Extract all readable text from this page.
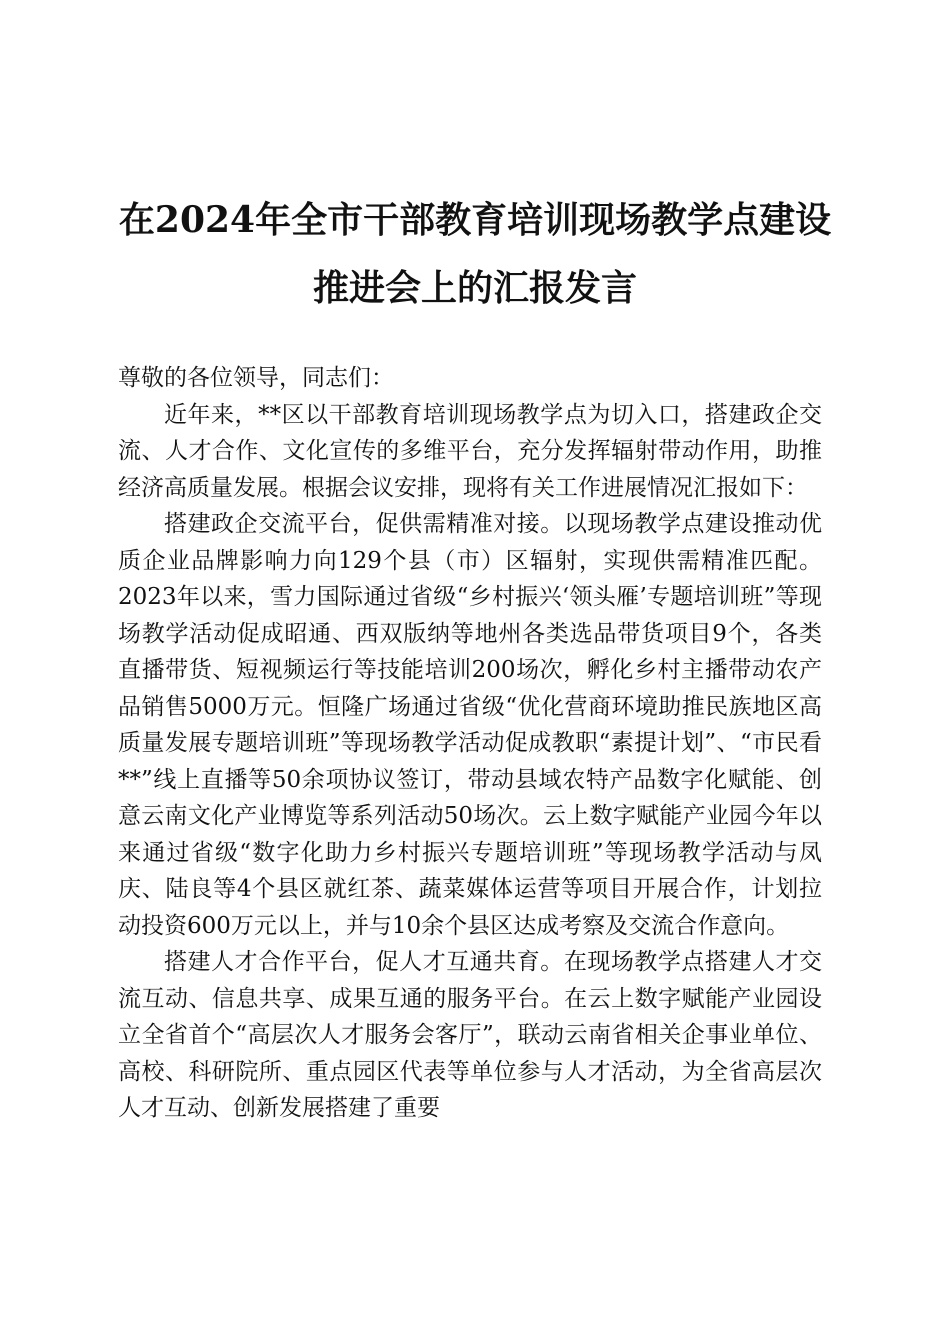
在2024年全市干部教育培训现场教学点建设
推进会上的汇报发言

尊敬的各位领导，同志们：

近年来，**区以干部教育培训现场教学点为切入口，搭建政企交流、人才合作、文化宣传的多维平台，充分发挥辐射带动作用，助推经济高质量发展。根据会议安排，现将有关工作进展情况汇报如下：

搭建政企交流平台，促供需精准对接。以现场教学点建设推动优质企业品牌影响力向129个县（市）区辐射，实现供需精准匹配。2023年以来，雪力国际通过省级“乡村振兴‘领头雁’专题培训班”等现场教学活动促成昭通、西双版纳等地州各类选品带货项目9个，各类直播带货、短视频运行等技能培训200场次，孵化乡村主播带动农产品销售5000万元。恒隆广场通过省级“优化营商环境助推民族地区高质量发展专题培训班”等现场教学活动促成教职“素提计划”、“市民看**”线上直播等50余项协议签订，带动县域农特产品数字化赋能、创意云南文化产业博览等系列活动50场次。云上数字赋能产业园今年以来通过省级“数字化助力乡村振兴专题培训班”等现场教学活动与凤庆、陆良等4个县区就红茶、蔬菜媒体运营等项目开展合作，计划拉动投资600万元以上，并与10余个县区达成考察及交流合作意向。

搭建人才合作平台，促人才互通共育。在现场教学点搭建人才交流互动、信息共享、成果互通的服务平台。在云上数字赋能产业园设立全省首个“高层次人才服务会客厅”，联动云南省相关企事业单位、高校、科研院所、重点园区代表等单位参与人才活动，为全省高层次人才互动、创新发展搭建了重要
